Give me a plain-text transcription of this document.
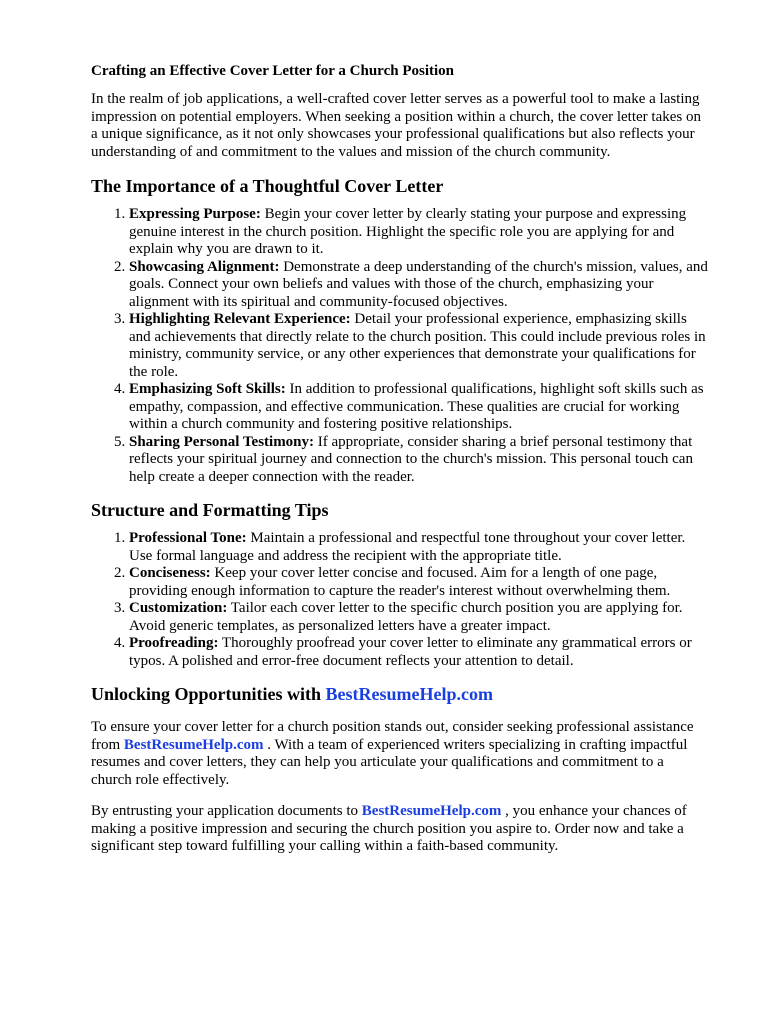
Crafting an Effective Cover Letter for a Church Position

In the realm of job applications, a well-crafted cover letter serves as a powerful tool to make a lasting impression on potential employers. When seeking a position within a church, the cover letter takes on a unique significance, as it not only showcases your professional qualifications but also reflects your understanding of and commitment to the values and mission of the church community.

The Importance of a Thoughtful Cover Letter
1. Expressing Purpose: Begin your cover letter by clearly stating your purpose and expressing genuine interest in the church position. Highlight the specific role you are applying for and explain why you are drawn to it.
2. Showcasing Alignment: Demonstrate a deep understanding of the church's mission, values, and goals. Connect your own beliefs and values with those of the church, emphasizing your alignment with its spiritual and community-focused objectives.
3. Highlighting Relevant Experience: Detail your professional experience, emphasizing skills and achievements that directly relate to the church position. This could include previous roles in ministry, community service, or any other experiences that demonstrate your qualifications for the role.
4. Emphasizing Soft Skills: In addition to professional qualifications, highlight soft skills such as empathy, compassion, and effective communication. These qualities are crucial for working within a church community and fostering positive relationships.
5. Sharing Personal Testimony: If appropriate, consider sharing a brief personal testimony that reflects your spiritual journey and connection to the church's mission. This personal touch can help create a deeper connection with the reader.
Structure and Formatting Tips
1. Professional Tone: Maintain a professional and respectful tone throughout your cover letter. Use formal language and address the recipient with the appropriate title.
2. Conciseness: Keep your cover letter concise and focused. Aim for a length of one page, providing enough information to capture the reader's interest without overwhelming them.
3. Customization: Tailor each cover letter to the specific church position you are applying for. Avoid generic templates, as personalized letters have a greater impact.
4. Proofreading: Thoroughly proofread your cover letter to eliminate any grammatical errors or typos. A polished and error-free document reflects your attention to detail.
Unlocking Opportunities with BestResumeHelp.com

To ensure your cover letter for a church position stands out, consider seeking professional assistance from BestResumeHelp.com . With a team of experienced writers specializing in crafting impactful resumes and cover letters, they can help you articulate your qualifications and commitment to a church role effectively.

By entrusting your application documents to BestResumeHelp.com , you enhance your chances of making a positive impression and securing the church position you aspire to. Order now and take a significant step toward fulfilling your calling within a faith-based community.
